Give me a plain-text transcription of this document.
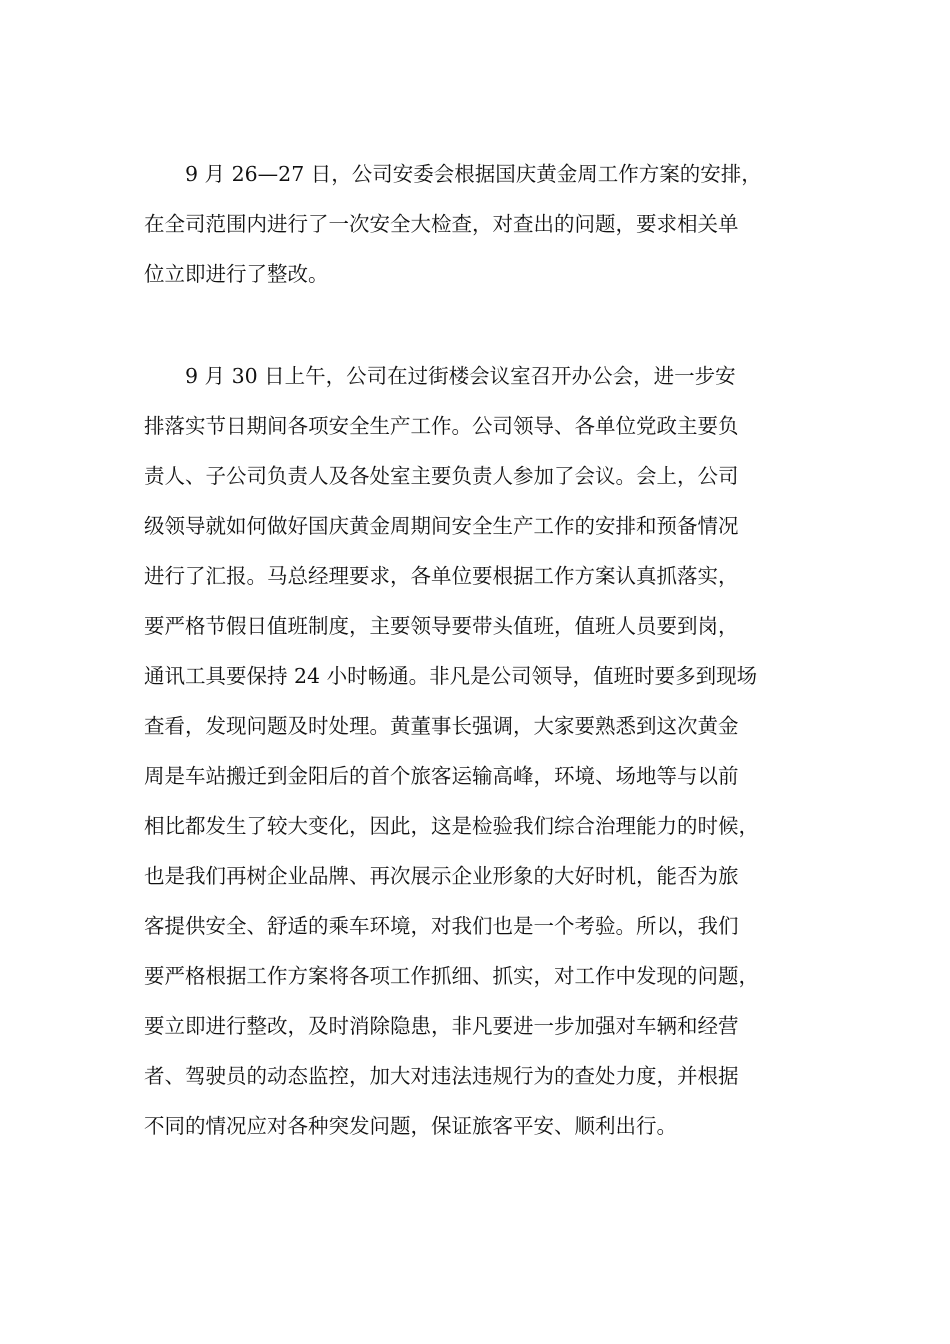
　　9 月 26—27 日，公司安委会根据国庆黄金周工作方案的安排，

在全司范围内进行了一次安全大检查，对查出的问题，要求相关单

位立即进行了整改。

　　9 月 30 日上午，公司在过街楼会议室召开办公会，进一步安

排落实节日期间各项安全生产工作。公司领导、各单位党政主要负

责人、子公司负责人及各处室主要负责人参加了会议。会上，公司

级领导就如何做好国庆黄金周期间安全生产工作的安排和预备情况

进行了汇报。马总经理要求，各单位要根据工作方案认真抓落实，

要严格节假日值班制度，主要领导要带头值班，值班人员要到岗，

通讯工具要保持 24 小时畅通。非凡是公司领导，值班时要多到现场

查看，发现问题及时处理。黄董事长强调，大家要熟悉到这次黄金

周是车站搬迁到金阳后的首个旅客运输高峰，环境、场地等与以前

相比都发生了较大变化，因此，这是检验我们综合治理能力的时候，

也是我们再树企业品牌、再次展示企业形象的大好时机，能否为旅

客提供安全、舒适的乘车环境，对我们也是一个考验。所以，我们

要严格根据工作方案将各项工作抓细、抓实，对工作中发现的问题，

要立即进行整改，及时消除隐患，非凡要进一步加强对车辆和经营

者、驾驶员的动态监控，加大对违法违规行为的查处力度，并根据

不同的情况应对各种突发问题，保证旅客平安、顺利出行。
